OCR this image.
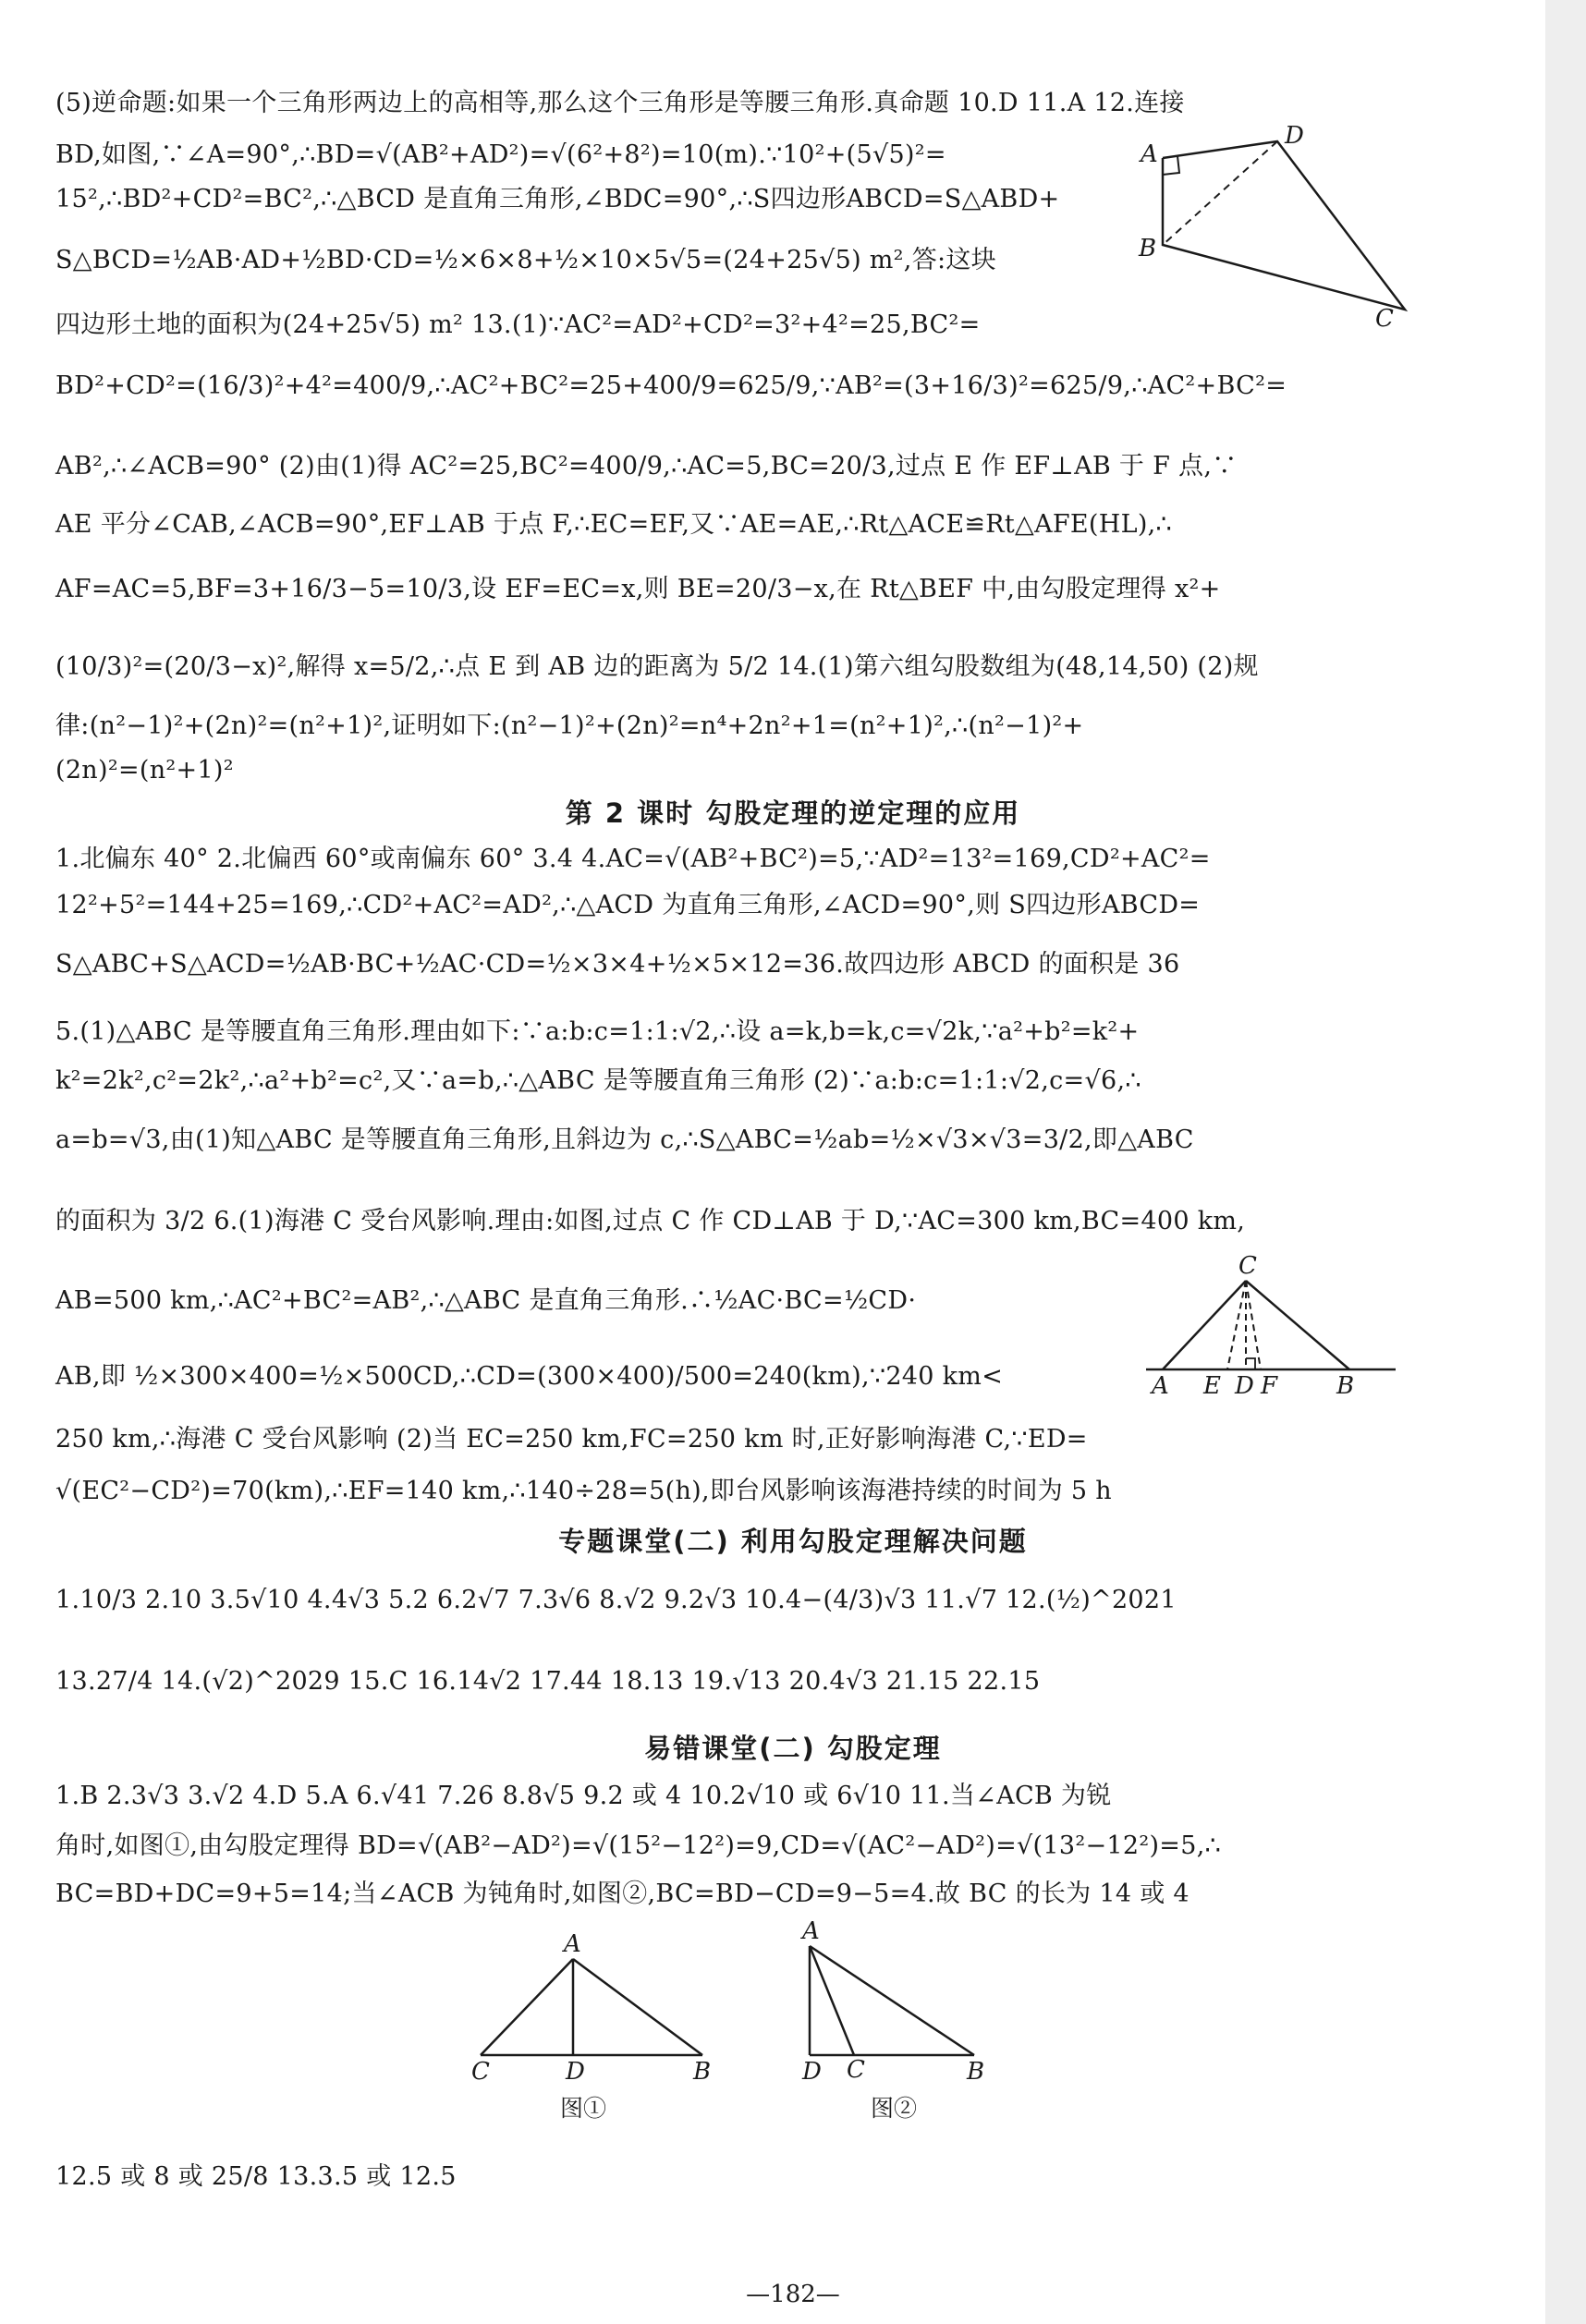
(5)逆命题:如果一个三角形两边上的高相等,那么这个三角形是等腰三角形.真命题 10.D 11.A 12.连接
BD,如图,∵∠A=90°,∴BD=√(AB²+AD²)=√(6²+8²)=10(m).∵10²+(5√5)²=
15²,∴BD²+CD²=BC²,∴△BCD 是直角三角形,∠BDC=90°,∴S四边形ABCD=S△ABD+
S△BCD=½AB·AD+½BD·CD=½×6×8+½×10×5√5=(24+25√5) m²,答:这块
四边形土地的面积为(24+25√5) m² 13.(1)∵AC²=AD²+CD²=3²+4²=25,BC²=
BD²+CD²=(16/3)²+4²=400/9,∴AC²+BC²=25+400/9=625/9,∵AB²=(3+16/3)²=625/9,∴AC²+BC²=
AB²,∴∠ACB=90° (2)由(1)得 AC²=25,BC²=400/9,∴AC=5,BC=20/3,过点 E 作 EF⊥AB 于 F 点,∵
AE 平分∠CAB,∠ACB=90°,EF⊥AB 于点 F,∴EC=EF,又∵AE=AE,∴Rt△ACE≌Rt△AFE(HL),∴
AF=AC=5,BF=3+16/3−5=10/3,设 EF=EC=x,则 BE=20/3−x,在 Rt△BEF 中,由勾股定理得 x²+
(10/3)²=(20/3−x)²,解得 x=5/2,∴点 E 到 AB 边的距离为 5/2 14.(1)第六组勾股数组为(48,14,50) (2)规
律:(n²−1)²+(2n)²=(n²+1)²,证明如下:(n²−1)²+(2n)²=n⁴+2n²+1=(n²+1)²,∴(n²−1)²+
(2n)²=(n²+1)²
A
D
B
C
第 2 课时 勾股定理的逆定理的应用
1.北偏东 40° 2.北偏西 60°或南偏东 60° 3.4 4.AC=√(AB²+BC²)=5,∵AD²=13²=169,CD²+AC²=
12²+5²=144+25=169,∴CD²+AC²=AD²,∴△ACD 为直角三角形,∠ACD=90°,则 S四边形ABCD=
S△ABC+S△ACD=½AB·BC+½AC·CD=½×3×4+½×5×12=36.故四边形 ABCD 的面积是 36
5.(1)△ABC 是等腰直角三角形.理由如下:∵a:b:c=1:1:√2,∴设 a=k,b=k,c=√2k,∵a²+b²=k²+
k²=2k²,c²=2k²,∴a²+b²=c²,又∵a=b,∴△ABC 是等腰直角三角形 (2)∵a:b:c=1:1:√2,c=√6,∴
a=b=√3,由(1)知△ABC 是等腰直角三角形,且斜边为 c,∴S△ABC=½ab=½×√3×√3=3/2,即△ABC
的面积为 3/2 6.(1)海港 C 受台风影响.理由:如图,过点 C 作 CD⊥AB 于 D,∵AC=300 km,BC=400 km,
AB=500 km,∴AC²+BC²=AB²,∴△ABC 是直角三角形.∴½AC·BC=½CD·
AB,即 ½×300×400=½×500CD,∴CD=(300×400)/500=240(km),∵240 km<
250 km,∴海港 C 受台风影响 (2)当 EC=250 km,FC=250 km 时,正好影响海港 C,∵ED=
√(EC²−CD²)=70(km),∴EF=140 km,∴140÷28=5(h),即台风影响该海港持续的时间为 5 h
C
A E D F B
专题课堂(二) 利用勾股定理解决问题
1.10/3 2.10 3.5√10 4.4√3 5.2 6.2√7 7.3√6 8.√2 9.2√3 10.4−(4/3)√3 11.√7 12.(½)^2021
13.27/4 14.(√2)^2029 15.C 16.14√2 17.44 18.13 19.√13 20.4√3 21.15 22.15
易错课堂(二) 勾股定理
1.B 2.3√3 3.√2 4.D 5.A 6.√41 7.26 8.8√5 9.2 或 4 10.2√10 或 6√10 11.当∠ACB 为锐
角时,如图①,由勾股定理得 BD=√(AB²−AD²)=√(15²−12²)=9,CD=√(AC²−AD²)=√(13²−12²)=5,∴
BC=BD+DC=9+5=14;当∠ACB 为钝角时,如图②,BC=BD−CD=9−5=4.故 BC 的长为 14 或 4
A
C	D	B
图①
A
D C	B
图②
12.5 或 8 或 25/8 13.3.5 或 12.5
—182—
